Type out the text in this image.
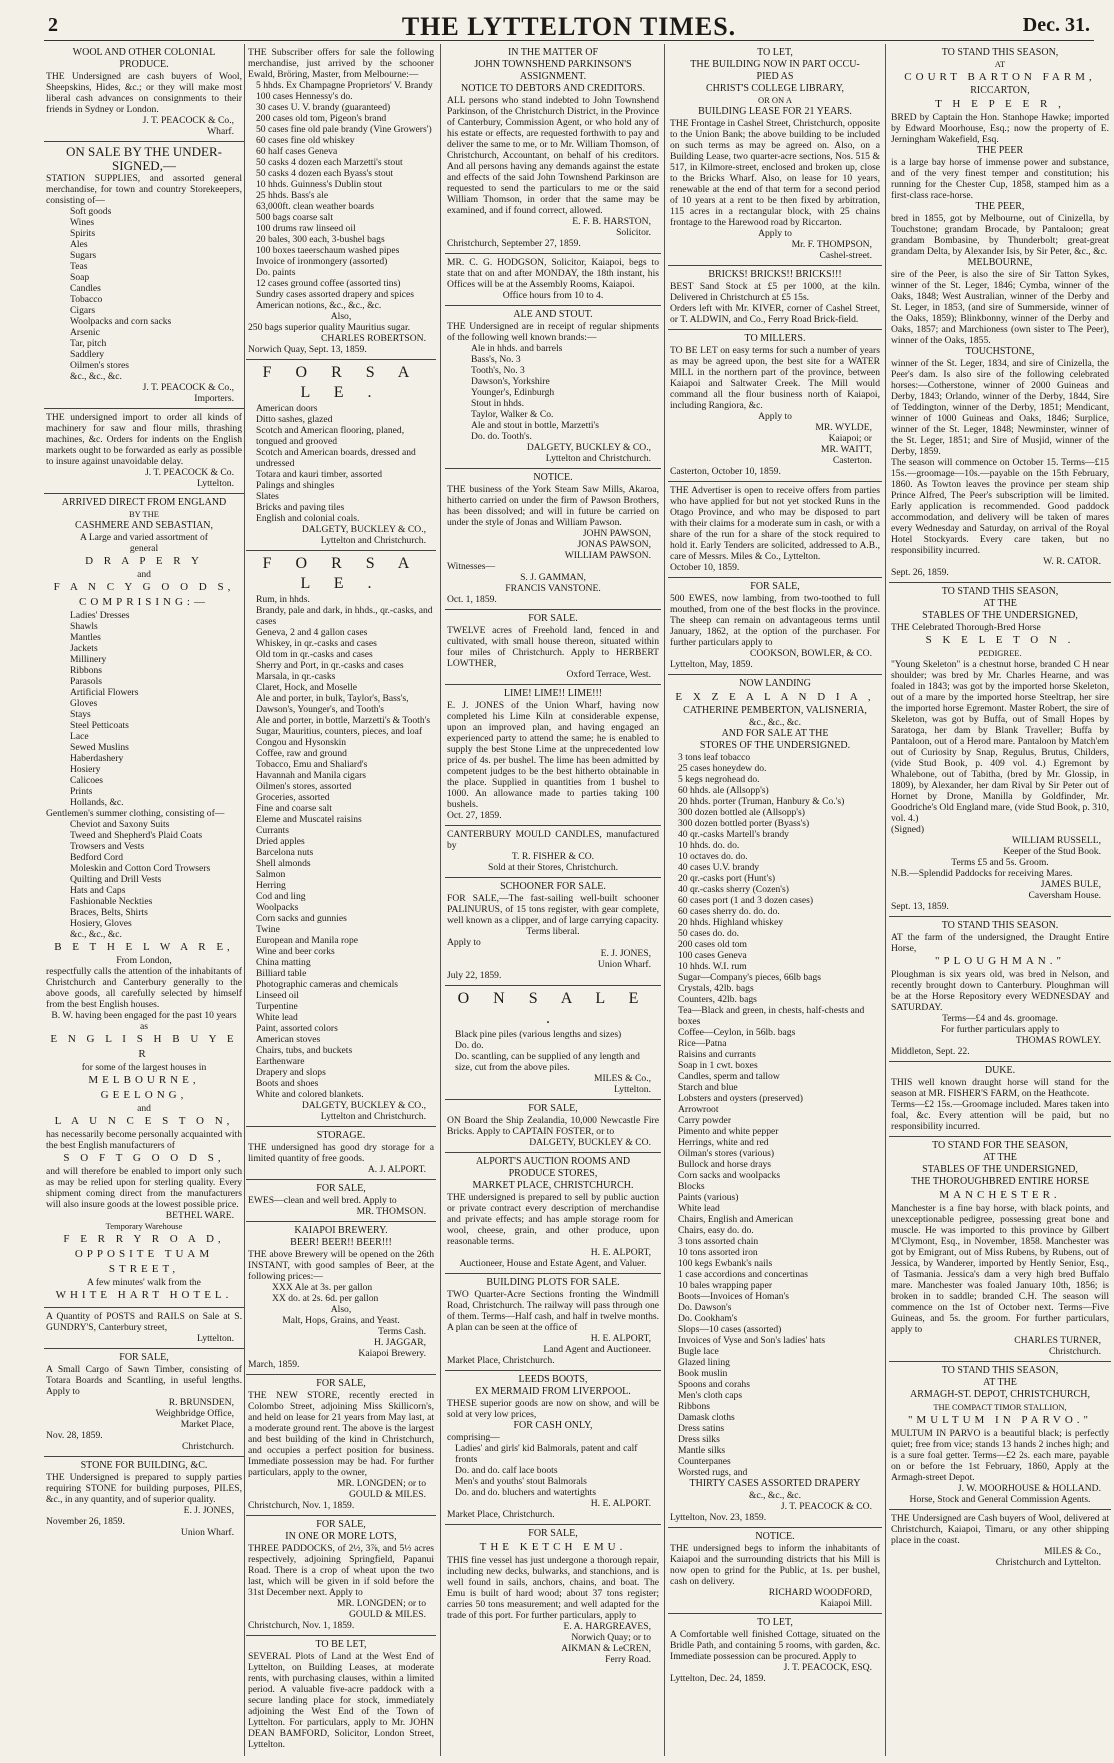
2	THE LYTTELTON TIMES.	Dec. 31.
WOOL AND OTHER COLONIAL
PRODUCE.

THE Undersigned are cash buyers of Wool, Sheepskins, Hides, &c.; or they will make most liberal cash advances on consignments to their friends in Sydney or London.

J. T. PEACOCK & Co.,
Wharf.
ON SALE BY THE UNDER- SIGNED,—

STATION SUPPLIES, and assorted general merchandise, for town and country Storekeepers, consisting of—

Soft goods
Wines
Spirits
Ales
Sugars
Teas
Soap
Candles
Tobacco
Cigars
Woolpacks and corn sacks
Arsenic
Tar, pitch
Saddlery
Oilmen's stores
&c., &c., &c.
J. T. PEACOCK & Co.,
Importers.

THE undersigned import to order all kinds of machinery for saw and flour mills, thrashing machines, &c. Orders for indents on the English markets ought to be forwarded as early as possible to insure against unavoidable delay.

J. T. PEACOCK & Co.
Lyttelton.
ARRIVED DIRECT FROM ENGLAND
BY THE
CASHMERE AND SEBASTIAN,
A Large and varied assortment of
general
D R A P E R Y
and
F A N C Y G O O D S,
COMPRISING:—
Ladies' Dresses
Shawls
Mantles
Jackets
Millinery
Ribbons
Parasols
Artificial Flowers
Gloves
Stays
Steel Petticoats
Lace
Sewed Muslins
Haberdashery
Hosiery
Calicoes
Prints
Hollands, &c.
Gentlemen's summer clothing, consisting of—
Cheviot and Saxony Suits
Tweed and Shepherd's Plaid Coats
Trowsers and Vests
Bedford Cord
Moleskin and Cotton Cord Trowsers
Quilting and Drill Vests
Hats and Caps
Fashionable Neckties
Braces, Belts, Shirts
Hosiery, Gloves
&c., &c., &c.
B E T H E L W A R E,
From London,

respectfully calls the attention of the inhabitants of Christchurch and Canterbury generally to the above goods, all carefully selected by himself from the best English houses.

B. W. having been engaged for the past 10 years
as
E N G L I S H B U Y E R
for some of the largest houses in
MELBOURNE, GEELONG,
and
L A U N C E S T O N,

has necessarily become personally acquainted with the best English manufacturers of

S O F T G O O D S,

and will therefore be enabled to import only such as may be relied upon for sterling quality. Every shipment coming direct from the manufacturers will also insure goods at the lowest possible price.

BETHEL WARE.
Temporary Warehouse
F E R R Y R O A D,
OPPOSITE TUAM STREET,
A few minutes' walk from the
WHITE HART HOTEL.

A Quantity of POSTS and RAILS on Sale at S. GUNDRY'S, Canterbury street,

Lyttelton.
FOR SALE,

A Small Cargo of Sawn Timber, consisting of Totara Boards and Scantling, in useful lengths. Apply to

R. BRUNSDEN,
Weighbridge Office,
Market Place,
Nov. 28, 1859.
Christchurch.
STONE FOR BUILDING, &C.

THE Undersigned is prepared to supply parties requiring STONE for building purposes, PILES, &c., in any quantity, and of superior quality.

E. J. JONES,
November 26, 1859.
Union Wharf.

THE Subscriber offers for sale the following merchandise, just arrived by the schooner Ewald, Bröring, Master, from Melbourne:—

5 hhds. Ex Champagne Proprietors' V. Brandy
100 cases Hennessy's do.
30 cases U. V. brandy (guaranteed)
200 cases old tom, Pigeon's brand
50 cases fine old pale brandy (Vine Growers')
60 cases fine old whiskey
60 half cases Geneva
50 casks 4 dozen each Marzetti's stout
50 casks 4 dozen each Byass's stout
10 hhds. Guinness's Dublin stout
25 hhds. Bass's ale
63,000ft. clean weather boards
500 bags coarse salt
100 drums raw linseed oil
20 bales, 300 each, 3-bushel bags
100 boxes taeerschaum washed pipes
Invoice of ironmongery (assorted)
Do. paints
12 cases ground coffee (assorted tins)
Sundry cases assorted drapery and spices
American notions, &c., &c., &c.
Also,
250 bags superior quality Mauritius sugar.
CHARLES ROBERTSON.
Norwich Quay, Sept. 13, 1859.
F O R S A L E .
American doors
Ditto sashes, glazed
Scotch and American flooring, planed, tongued and grooved
Scotch and American boards, dressed and undressed
Totara and kauri timber, assorted
Palings and shingles
Slates
Bricks and paving tiles
English and colonial coals.
DALGETY, BUCKLEY & CO.,
Lyttelton and Christchurch.
F O R S A L E .
Rum, in hhds.
Brandy, pale and dark, in hhds., qr.-casks, and cases
Geneva, 2 and 4 gallon cases
Whiskey, in qr.-casks and cases
Old tom in qr.-casks and cases
Sherry and Port, in qr.-casks and cases
Marsala, in qr.-casks
Claret, Hock, and Moselle
Ale and porter, in bulk, Taylor's, Bass's, Dawson's, Younger's, and Tooth's
Ale and porter, in bottle, Marzetti's & Tooth's
Sugar, Mauritius, counters, pieces, and loaf
Congou and Hysonskin
Coffee, raw and ground
Tobacco, Emu and Shaliard's
Havannah and Manila cigars
Oilmen's stores, assorted
Groceries, assorted
Fine and coarse salt
Eleme and Muscatel raisins
Currants
Dried apples
Barcelona nuts
Shell almonds
Salmon
Herring
Cod and ling
Woolpacks
Corn sacks and gunnies
Twine
European and Manila rope
Wine and beer corks
China matting
Billiard table
Photographic cameras and chemicals
Linseed oil
Turpentine
White lead
Paint, assorted colors
American stoves
Chairs, tubs, and buckets
Earthenware
Drapery and slops
Boots and shoes
White and colored blankets.
DALGETY, BUCKLEY & CO.,
Lyttelton and Christchurch.
STORAGE.

THE undersigned has good dry storage for a limited quantity of free goods.

A. J. ALPORT.
FOR SALE,

EWES—clean and well bred. Apply to

MR. THOMSON.
KAIAPOI BREWERY.
BEER! BEER!! BEER!!!

THE above Brewery will be opened on the 26th INSTANT, with good samples of Beer, at the following prices:—

XXX Ale at 3s. per gallon
XX do. at 2s. 6d. per gallon
Also,
Malt, Hops, Grains, and Yeast.
Terms Cash.
H. JAGGAR,
Kaiapoi Brewery.
March, 1859.
FOR SALE,

THE NEW STORE, recently erected in Colombo Street, adjoining Miss Skillicorn's, and held on lease for 21 years from May last, at a moderate ground rent. The above is the largest and best building of the kind in Christchurch, and occupies a perfect position for business. Immediate possession may be had. For further particulars, apply to the owner,

MR. LONGDEN; or to
GOULD & MILES.
Christchurch, Nov. 1, 1859.
FOR SALE,
IN ONE OR MORE LOTS,

THREE PADDOCKS, of 2½, 3⅞, and 5½ acres respectively, adjoining Springfield, Papanui Road. There is a crop of wheat upon the two last, which will be given in if sold before the 31st December next. Apply to

MR. LONGDEN; or to
GOULD & MILES.
Christchurch, Nov. 1, 1859.
TO BE LET,

SEVERAL Plots of Land at the West End of Lyttelton, on Building Leases, at moderate rents, with purchasing clauses, within a limited period. A valuable five-acre paddock with a secure landing place for stock, immediately adjoining the West End of the Town of Lyttelton. For particulars, apply to Mr. JOHN DEAN BAMFORD, Solicitor, London Street, Lyttelton.

IN THE MATTER OF
JOHN TOWNSHEND PARKINSON'S
ASSIGNMENT.
NOTICE TO DEBTORS AND CREDITORS.

ALL persons who stand indebted to John Townshend Parkinson, of the Christchurch District, in the Province of Canterbury, Commission Agent, or who hold any of his estate or effects, are requested forthwith to pay and deliver the same to me, or to Mr. William Thomson, of Christchurch, Accountant, on behalf of his creditors. And all persons having any demands against the estate and effects of the said John Townshend Parkinson are requested to send the particulars to me or the said William Thomson, in order that the same may be examined, and if found correct, allowed.

E. F. B. HARSTON,
Solicitor.
Christchurch, September 27, 1859.

MR. C. G. HODGSON, Solicitor, Kaiapoi, begs to state that on and after MONDAY, the 18th instant, his Offices will be at the Assembly Rooms, Kaiapoi.

Office hours from 10 to 4.
ALE AND STOUT.

THE Undersigned are in receipt of regular shipments of the following well known brands:—

Ale in hhds. and barrels
Bass's, No. 3
Tooth's, No. 3
Dawson's, Yorkshire
Younger's, Edinburgh
Stout in hhds.
Taylor, Walker & Co.
Ale and stout in bottle, Marzetti's
Do. do. Tooth's.
DALGETY, BUCKLEY & CO.,
Lyttelton and Christchurch.
NOTICE.

THE business of the York Steam Saw Mills, Akaroa, hitherto carried on under the firm of Pawson Brothers, has been dissolved; and will in future be carried on under the style of Jonas and William Pawson.

JOHN PAWSON,
JONAS PAWSON,
WILLIAM PAWSON.
Witnesses—
S. J. GAMMAN,
FRANCIS VANSTONE.
Oct. 1, 1859.
FOR SALE.

TWELVE acres of Freehold land, fenced in and cultivated, with small house thereon, situated within four miles of Christchurch. Apply to HERBERT LOWTHER,

Oxford Terrace, West.
LIME! LIME!! LIME!!!

E. J. JONES of the Union Wharf, having now completed his Lime Kiln at considerable expense, upon an improved plan, and having engaged an experienced party to attend the same; he is enabled to supply the best Stone Lime at the unprecedented low price of 4s. per bushel. The lime has been admitted by competent judges to be the best hitherto obtainable in the place. Supplied in quantities from 1 bushel to 1000. An allowance made to parties taking 100 bushels.

Oct. 27, 1859.

CANTERBURY MOULD CANDLES, manufactured by

T. R. FISHER & CO.
Sold at their Stores, Christchurch.
SCHOONER FOR SALE.

FOR SALE,—The fast-sailing well-built schooner PALINURUS, of 15 tons register, with gear complete, well known as a clipper, and of large carrying capacity.

Terms liberal.
Apply to
E. J. JONES,
Union Wharf.
July 22, 1859.
O N S A L E .
Black pine piles (various lengths and sizes)
Do. do.
Do. scantling, can be supplied of any length and size, cut from the above piles.
MILES & Co.,
Lyttelton.
FOR SALE,

ON Board the Ship Zealandia, 10,000 Newcastle Fire Bricks. Apply to CAPTAIN FOSTER, or to

DALGETY, BUCKLEY & CO.
ALPORT'S AUCTION ROOMS AND
PRODUCE STORES,
MARKET PLACE, CHRISTCHURCH.

THE undersigned is prepared to sell by public auction or private contract every description of merchandise and private effects; and has ample storage room for wool, cheese, grain, and other produce, upon reasonable terms.

H. E. ALPORT,
Auctioneer, House and Estate Agent, and Valuer.
BUILDING PLOTS FOR SALE.

TWO Quarter-Acre Sections fronting the Windmill Road, Christchurch. The railway will pass through one of them. Terms—Half cash, and half in twelve months. A plan can be seen at the office of

H. E. ALPORT,
Land Agent and Auctioneer.
Market Place, Christchurch.
LEEDS BOOTS,
EX MERMAID FROM LIVERPOOL.

THESE superior goods are now on show, and will be sold at very low prices,

FOR CASH ONLY,
comprising—
Ladies' and girls' kid Balmorals, patent and calf fronts
Do. and do. calf lace boots
Men's and youths' stout Balmorals
Do. and do. bluchers and watertights
H. E. ALPORT.
Market Place, Christchurch.
FOR SALE,
THE KETCH EMU.

THIS fine vessel has just undergone a thorough repair, including new decks, bulwarks, and stanchions, and is well found in sails, anchors, chains, and boat. The Emu is built of hard wood; about 37 tons register; carries 50 tons measurement; and well adapted for the trade of this port. For further particulars, apply to

E. A. HARGREAVES,
Norwich Quay; or to
AIKMAN & LeCREN,
Ferry Road.
TO LET,
THE BUILDING NOW IN PART OCCU-
PIED AS
CHRIST'S COLLEGE LIBRARY,
OR ON A
BUILDING LEASE FOR 21 YEARS.

THE Frontage in Cashel Street, Christchurch, opposite to the Union Bank; the above building to be included on such terms as may be agreed on. Also, on a Building Lease, two quarter-acre sections, Nos. 515 & 517, in Kilmore-street, enclosed and broken up, close to the Bricks Wharf. Also, on lease for 10 years, renewable at the end of that term for a second period of 10 years at a rent to be then fixed by arbitration, 115 acres in a rectangular block, with 25 chains frontage to the Harewood road by Riccarton.

Apply to
Mr. F. THOMPSON,
Cashel-street.
BRICKS! BRICKS!! BRICKS!!!

BEST Sand Stock at £5 per 1000, at the kiln. Delivered in Christchurch at £5 15s.

Orders left with Mr. KIVER, corner of Cashel Street, or T. ALDWIN, and Co., Ferry Road Brick-field.

TO MILLERS.

TO BE LET on easy terms for such a number of years as may be agreed upon, the best site for a WATER MILL in the northern part of the province, between Kaiapoi and Saltwater Creek. The Mill would command all the flour business north of Kaiapoi, including Rangiora, &c.

Apply to
MR. WYLDE,
Kaiapoi; or
MR. WAITT,
Casterton.
Casterton, October 10, 1859.

THE Advertiser is open to receive offers from parties who have applied for but not yet stocked Runs in the Otago Province, and who may be disposed to part with their claims for a moderate sum in cash, or with a share of the run for a share of the stock required to hold it. Early Tenders are solicited, addressed to A.B., care of Messrs. Miles & Co., Lyttelton.

October 10, 1859.
FOR SALE,

500 EWES, now lambing, from two-toothed to full mouthed, from one of the best flocks in the province. The sheep can remain on advantageous terms until January, 1862, at the option of the purchaser. For further particulars apply to

COOKSON, BOWLER, & CO.
Lyttelton, May, 1859.
NOW LANDING
E X Z E A L A N D I A ,
CATHERINE PEMBERTON, VALISNERIA,
&c., &c., &c.
AND FOR SALE AT THE
STORES OF THE UNDERSIGNED.
3 tons leaf tobacco
25 cases honeydew do.
5 kegs negrohead do.
60 hhds. ale (Allsopp's)
20 hhds. porter (Truman, Hanbury & Co.'s)
300 dozen bottled ale (Allsopp's)
300 dozen bottled porter (Byass's)
40 qr.-casks Martell's brandy
10 hhds. do. do.
10 octaves do. do.
40 cases U.V. brandy
20 qr.-casks port (Hunt's)
40 qr.-casks sherry (Cozen's)
60 cases port (1 and 3 dozen cases)
60 cases sherry do. do. do.
20 hhds. Highland whiskey
50 cases do. do.
200 cases old tom
100 cases Geneva
10 hhds. W.I. rum
Sugar—Company's pieces, 66lb bags
Crystals, 42lb. bags
Counters, 42lb. bags
Tea—Black and green, in chests, half-chests and boxes
Coffee—Ceylon, in 56lb. bags
Rice—Patna
Raisins and currants
Soap in 1 cwt. boxes
Candles, sperm and tallow
Starch and blue
Lobsters and oysters (preserved)
Arrowroot
Carry powder
Pimento and white pepper
Herrings, white and red
Oilman's stores (various)
Bullock and horse drays
Corn sacks and woolpacks
Blocks
Paints (various)
White lead
Chairs, English and American
Chairs, easy do. do.
3 tons assorted chain
10 tons assorted iron
100 kegs Ewbank's nails
1 case accordions and concertinas
10 bales wrapping paper
Boots—Invoices of Homan's
Do. Dawson's
Do. Cookham's
Slops—10 cases (assorted)
Invoices of Vyse and Son's ladies' hats
Bugle lace
Glazed lining
Book muslin
Spoons and corahs
Men's cloth caps
Ribbons
Damask cloths
Dress satins
Dress silks
Mantle silks
Counterpanes
Worsted rugs, and
THIRTY CASES ASSORTED DRAPERY
&c., &c., &c.
J. T. PEACOCK & CO.
Lyttelton, Nov. 23, 1859.
NOTICE.

THE undersigned begs to inform the inhabitants of Kaiapoi and the surrounding districts that his Mill is now open to grind for the Public, at 1s. per bushel, cash on delivery.

RICHARD WOODFORD,
Kaiapoi Mill.
TO LET,

A Comfortable well finished Cottage, situated on the Bridle Path, and containing 5 rooms, with garden, &c. Immediate possession can be procured. Apply to

J. T. PEACOCK, ESQ.
Lyttelton, Dec. 24, 1859.
TO STAND THIS SEASON,
AT
COURT BARTON FARM,
RICCARTON,
T H E P E E R ,

BRED by Captain the Hon. Stanhope Hawke; imported by Edward Moorhouse, Esq.; now the property of E. Jerningham Wakefield, Esq.

THE PEER

is a large bay horse of immense power and substance, and of the very finest temper and constitution; his running for the Chester Cup, 1858, stamped him as a first-class race-horse.

THE PEER,

bred in 1855, got by Melbourne, out of Cinizella, by Touchstone; grandam Brocade, by Pantaloon; great grandam Bombasine, by Thunderbolt; great-great grandam Delta, by Alexander Isis, by Sir Peter, &c., &c.

MELBOURNE,

sire of the Peer, is also the sire of Sir Tatton Sykes, winner of the St. Leger, 1846; Cymba, winner of the Oaks, 1848; West Australian, winner of the Derby and St. Leger, in 1853, (and sire of Summerside, winner of the Oaks, 1859); Blinkbonny, winner of the Derby and Oaks, 1857; and Marchioness (own sister to The Peer), winner of the Oaks, 1855.

TOUCHSTONE,

winner of the St. Leger, 1834, and sire of Cinizella, the Peer's dam. Is also sire of the following celebrated horses:—Cotherstone, winner of 2000 Guineas and Derby, 1843; Orlando, winner of the Derby, 1844, Sire of Teddington, winner of the Derby, 1851; Mendicant, winner of 1000 Guineas and Oaks, 1846; Surplice, winner of the St. Leger, 1848; Newminster, winner of the St. Leger, 1851; and Sire of Musjid, winner of the Derby, 1859.

The season will commence on October 15. Terms—£15 15s.—groomage—10s.—payable on the 15th February, 1860. As Towton leaves the province per steam ship Prince Alfred, The Peer's subscription will be limited. Early application is recommended. Good paddock accommodation, and delivery will be taken of mares every Wednesday and Saturday, on arrival of the Royal Hotel Stockyards. Every care taken, but no responsibility incurred.

W. R. CATOR.
Sept. 26, 1859.
TO STAND THIS SEASON,
AT THE
STABLES OF THE UNDERSIGNED,

THE Celebrated Thorough-Bred Horse

S K E L E T O N .
PEDIGREE.

"Young Skeleton" is a chestnut horse, branded C H near shoulder; was bred by Mr. Charles Hearne, and was foaled in 1843; was got by the imported horse Skeleton, out of a mare by the imported horse Steeltrap, her sire the imported horse Egremont. Master Robert, the sire of Skeleton, was got by Buffa, out of Small Hopes by Saratoga, her dam by Blank Traveller; Buffa by Pantaloon, out of a Herod mare. Pantaloon by Match'em out of Curiosity by Snap, Regulus, Brutus, Childers, (vide Stud Book, p. 409 vol. 4.) Egremont by Whalebone, out of Tabitha, (bred by Mr. Glossip, in 1809), by Alexander, her dam Rival by Sir Peter out of Hornet by Drone, Manilla by Goldfinder, Mr. Goodriche's Old England mare, (vide Stud Book, p. 310, vol. 4.)

(Signed)
WILLIAM RUSSELL,
Keeper of the Stud Book.
Terms £5 and 5s. Groom.
N.B.—Splendid Paddocks for receiving Mares.
JAMES BULE,
Caversham House.
Sept. 13, 1859.
TO STAND THIS SEASON.

AT the farm of the undersigned, the Draught Entire Horse,

"PLOUGHMAN."

Ploughman is six years old, was bred in Nelson, and recently brought down to Canterbury. Ploughman will be at the Horse Repository every WEDNESDAY and SATURDAY.

Terms—£4 and 4s. groomage.
For further particulars apply to
THOMAS ROWLEY.
Middleton, Sept. 22.
DUKE.

THIS well known draught horse will stand for the season at MR. FISHER'S FARM, on the Heathcote.

Terms—£2 15s.—Groomage included. Mares taken into foal, &c. Every attention will be paid, but no responsibility incurred.

TO STAND FOR THE SEASON,
AT THE
STABLES OF THE UNDERSIGNED,
THE THOROUGHBRED ENTIRE HORSE
MANCHESTER.

Manchester is a fine bay horse, with black points, and unexceptionable pedigree, possessing great bone and muscle. He was imported to this province by Gilbert M'Clymont, Esq., in November, 1858. Manchester was got by Emigrant, out of Miss Rubens, by Rubens, out of Jessica, by Wanderer, imported by Hently Senior, Esq., of Tasmania. Jessica's dam a very high bred Buffalo mare. Manchester was foaled January 10th, 1856; is broken in to saddle; branded C.H. The season will commence on the 1st of October next. Terms—Five Guineas, and 5s. the groom. For further particulars, apply to

CHARLES TURNER,
Christchurch.
TO STAND THIS SEASON,
AT THE
ARMAGH-ST. DEPOT, CHRISTCHURCH,
THE COMPACT TIMOR STALLION,
"MULTUM IN PARVO."

MULTUM IN PARVO is a beautiful black; is perfectly quiet; free from vice; stands 13 hands 2 inches high; and is a sure foal getter. Terms—£2 2s. each mare, payable on or before the 1st February, 1860, Apply at the Armagh-street Depot.

J. W. MOORHOUSE & HOLLAND.
Horse, Stock and General Commission Agents.

THE Undersigned are Cash buyers of Wool, delivered at Christchurch, Kaiapoi, Timaru, or any other shipping place in the coast.

MILES & Co.,
Christchurch and Lyttelton.
